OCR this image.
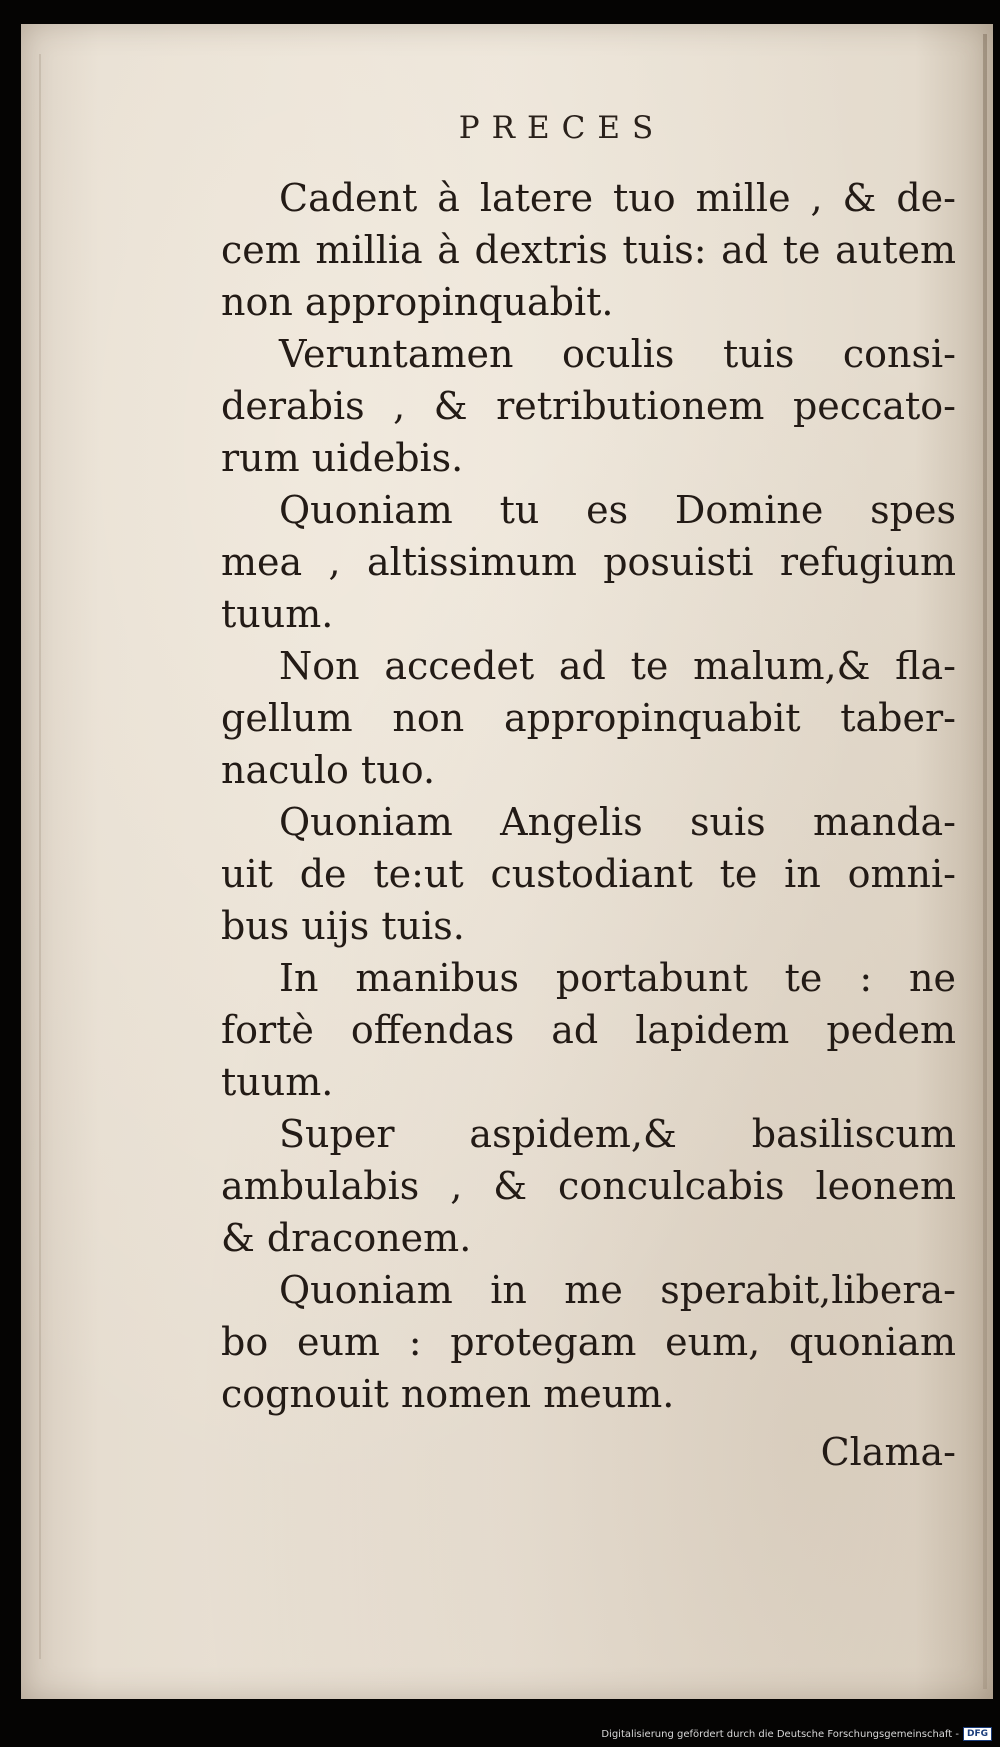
PRECES
Cadent à latere tuo mille , & de-
cem millia à dextris tuis: ad te autem
non appropinquabit.
Veruntamen oculis tuis consi-
derabis , & retributionem peccato-
rum uidebis.
Quoniam tu es Domine spes
mea , altissimum posuisti refugium
tuum.
Non accedet ad te malum,& fla-
gellum non appropinquabit taber-
naculo tuo.
Quoniam Angelis suis manda-
uit de te:ut custodiant te in omni-
bus uijs tuis.
In manibus portabunt te : ne
fortè offendas ad lapidem pedem
tuum.
Super aspidem,& basiliscum
ambulabis , & conculcabis leonem
& draconem.
Quoniam in me sperabit,libera-
bo eum : protegam eum, quoniam
cognouit nomen meum.
Clama-
Digitalisierung gefördert durch die Deutsche Forschungsgemeinschaft - DFG
